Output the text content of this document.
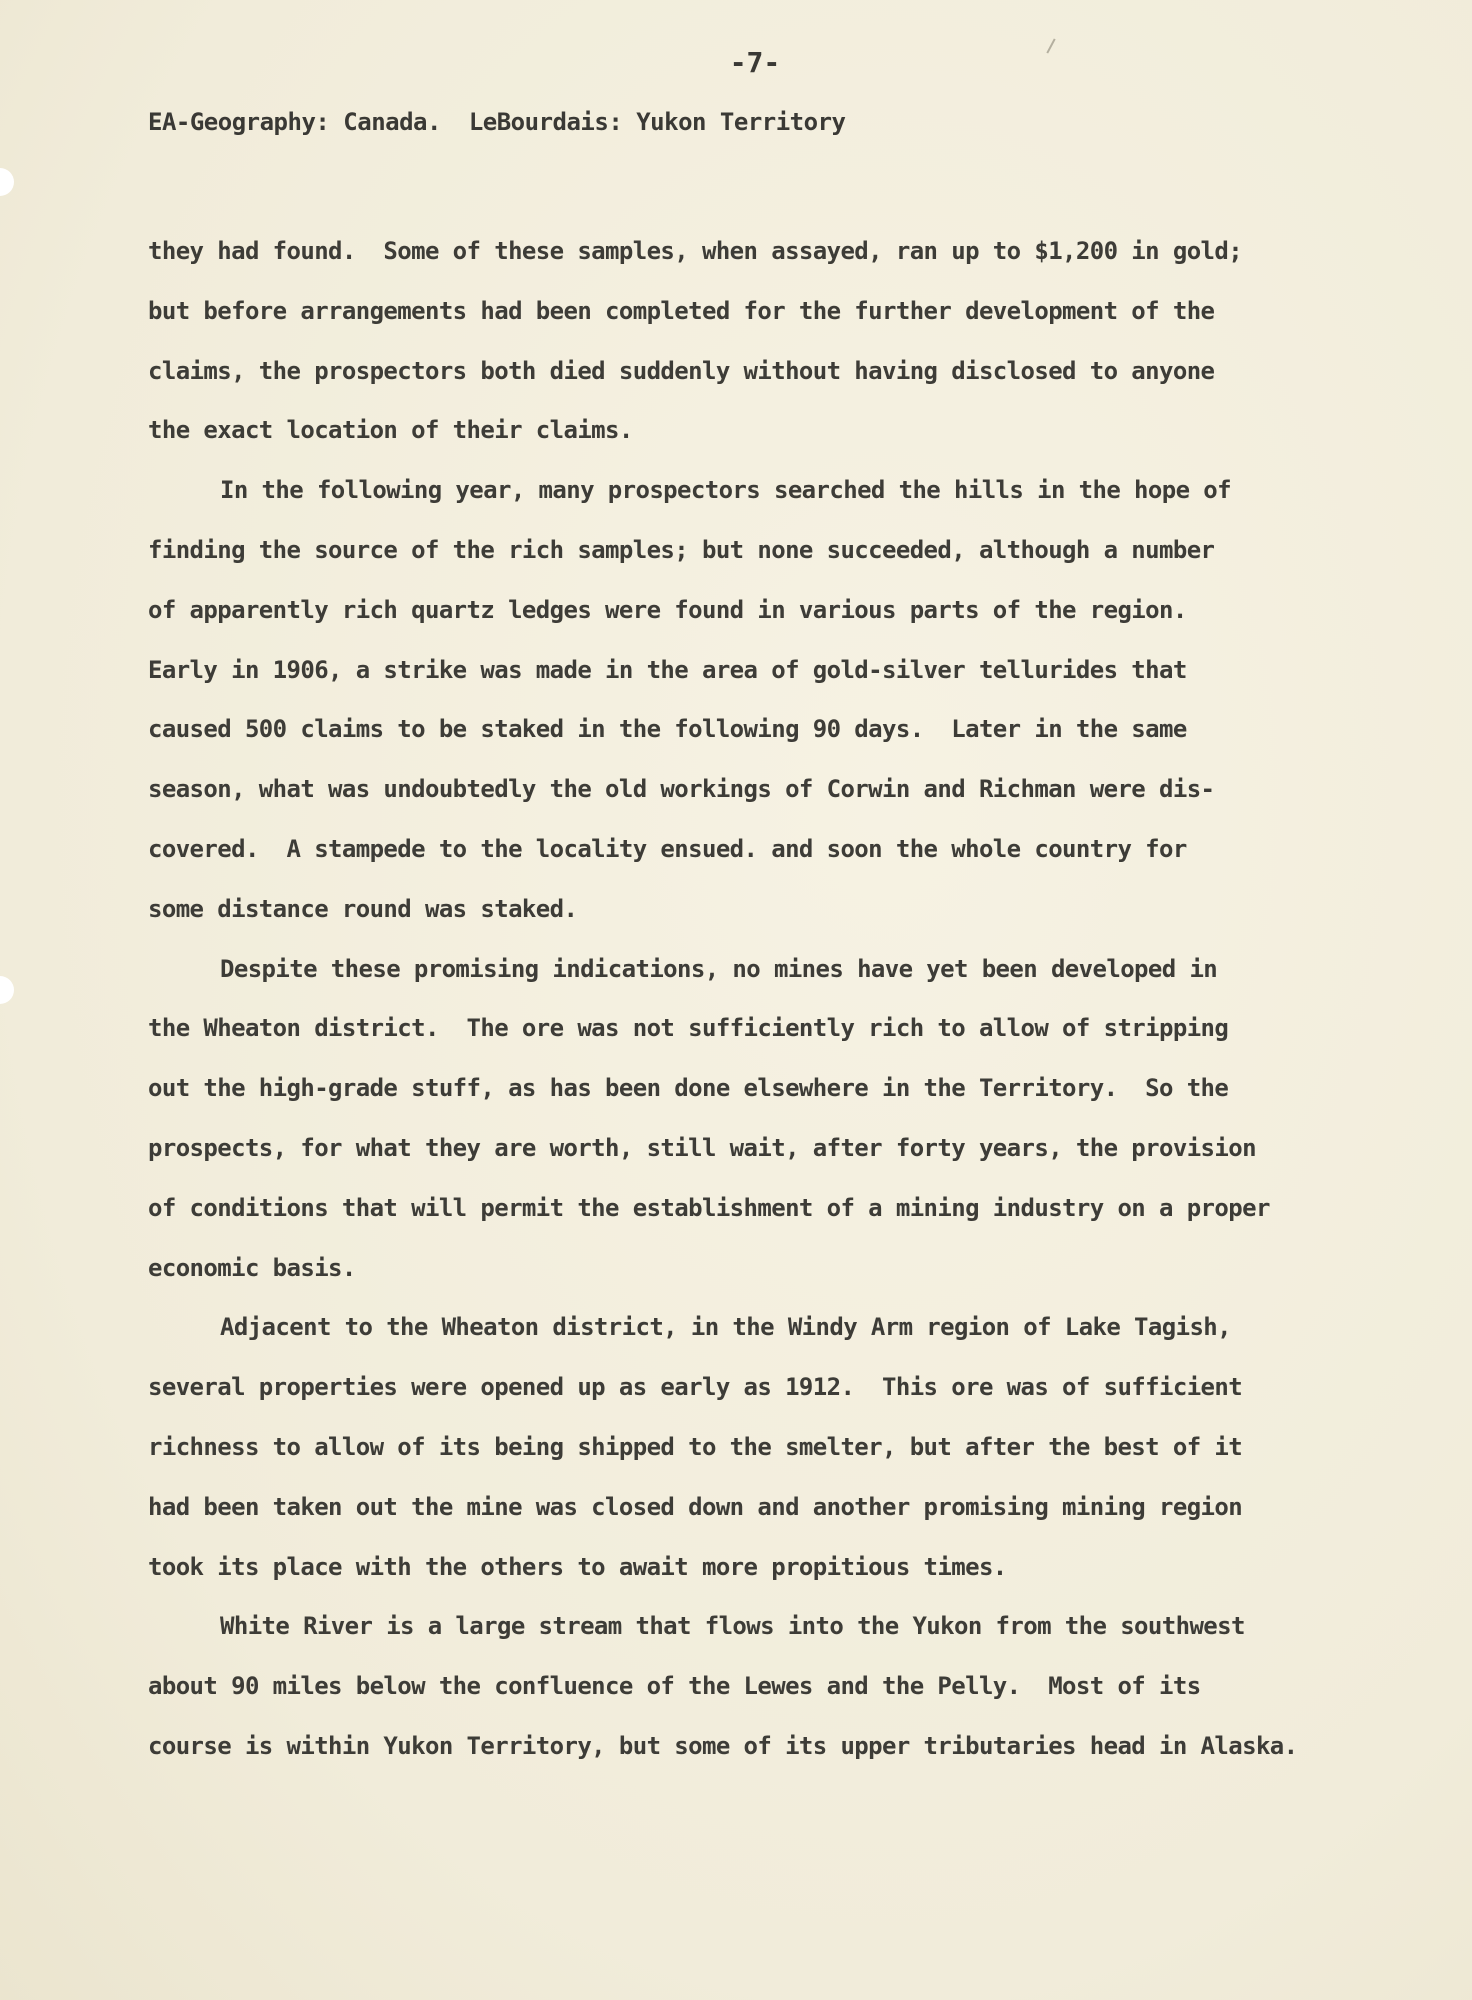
-7-
EA-Geography: Canada.  LeBourdais: Yukon Territory
they had found.  Some of these samples, when assayed, ran up to $1,200 in gold;
but before arrangements had been completed for the further development of the
claims, the prospectors both died suddenly without having disclosed to anyone
the exact location of their claims.
In the following year, many prospectors searched the hills in the hope of
finding the source of the rich samples; but none succeeded, although a number
of apparently rich quartz ledges were found in various parts of the region.
Early in 1906, a strike was made in the area of gold-silver tellurides that
caused 500 claims to be staked in the following 90 days.  Later in the same
season, what was undoubtedly the old workings of Corwin and Richman were dis-
covered.  A stampede to the locality ensued. and soon the whole country for
some distance round was staked.
Despite these promising indications, no mines have yet been developed in
the Wheaton district.  The ore was not sufficiently rich to allow of stripping
out the high-grade stuff, as has been done elsewhere in the Territory.  So the
prospects, for what they are worth, still wait, after forty years, the provision
of conditions that will permit the establishment of a mining industry on a proper
economic basis.
Adjacent to the Wheaton district, in the Windy Arm region of Lake Tagish,
several properties were opened up as early as 1912.  This ore was of sufficient
richness to allow of its being shipped to the smelter, but after the best of it
had been taken out the mine was closed down and another promising mining region
took its place with the others to await more propitious times.
White River is a large stream that flows into the Yukon from the southwest
about 90 miles below the confluence of the Lewes and the Pelly.  Most of its
course is within Yukon Territory, but some of its upper tributaries head in Alaska.
